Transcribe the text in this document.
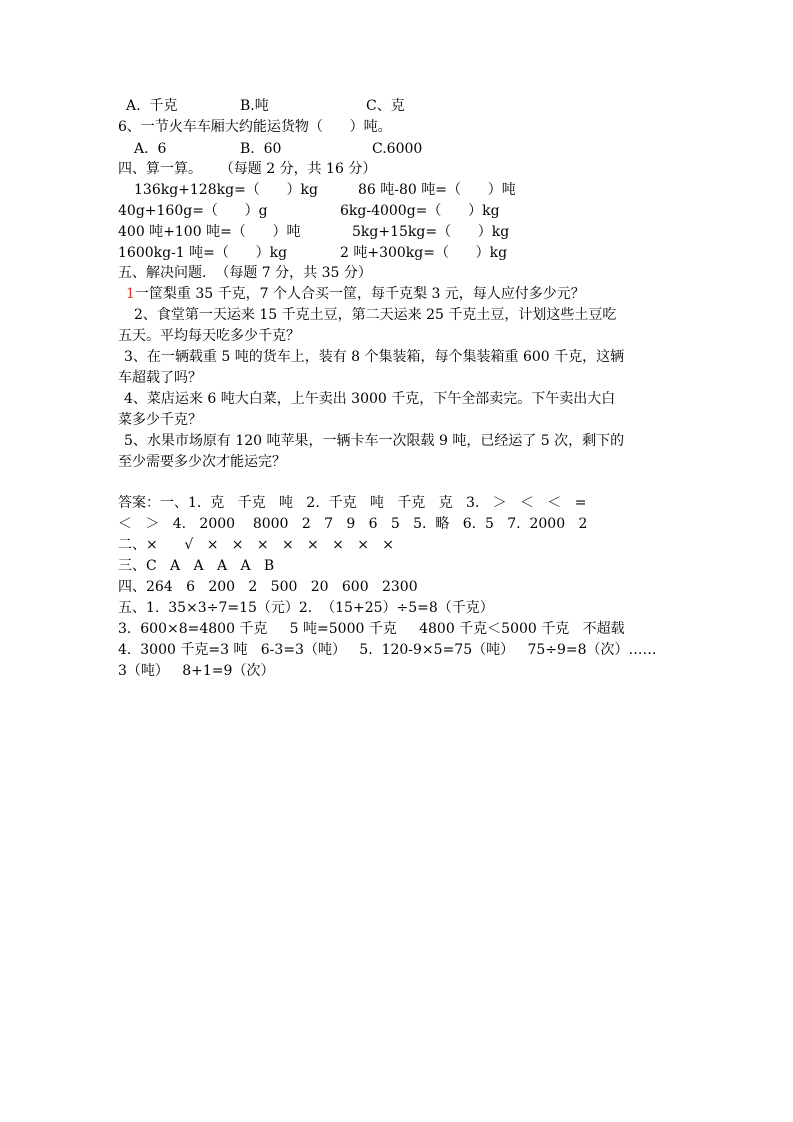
A.  千克	B.吨	C、克
6、一节火车车厢大约能运货物（      ）吨。
A.  6	B.  60	C.6000
四、算一算。    （每题 2 分，共 16 分）
136kg+128kg=（      ）kg	86 吨-80 吨=（      ）吨
40g+160g=（      ）g	6kg-4000g=（      ）kg
400 吨+100 吨=（      ）吨	5kg+15kg=（      ）kg
1600kg-1 吨=（      ）kg	2 吨+300kg=（      ）kg
五、解决问题.  （每题 7 分，共 35 分）
1一筐梨重 35 千克，7 个人合买一筐，每千克梨 3 元，每人应付多少元？
2、食堂第一天运来 15 千克土豆，第二天运来 25 千克土豆，计划这些土豆吃
五天。平均每天吃多少千克？
3、在一辆载重 5 吨的货车上，装有 8 个集装箱，每个集装箱重 600 千克，这辆
车超载了吗？
4、菜店运来 6 吨大白菜，上午卖出 3000 千克，下午全部卖完。下午卖出大白
菜多少千克？
5、水果市场原有 120 吨苹果，一辆卡车一次限载 9 吨，已经运了 5 次，剩下的
至少需要多少次才能运完？
答案：一、1.  克   千克   吨   2.  千克   吨   千克   克   3.   ＞   ＜   ＜   =
＜   ＞   4.   2000    8000   2   7   9   6   5   5.  略   6.  5   7.  2000   2
二、×      √   ×   ×   ×   ×   ×   ×   ×   ×
三、C   A   A   A   A   B
四、264   6   200   2   500   20   600   2300
五、1.  35×3÷7=15（元）2.  （15+25）÷5=8（千克）
3.  600×8=4800 千克     5 吨=5000 千克     4800 千克＜5000 千克   不超载
4.  3000 千克=3 吨   6-3=3（吨）   5.  120-9×5=75（吨）   75÷9=8（次）……
3（吨）   8+1=9（次）
